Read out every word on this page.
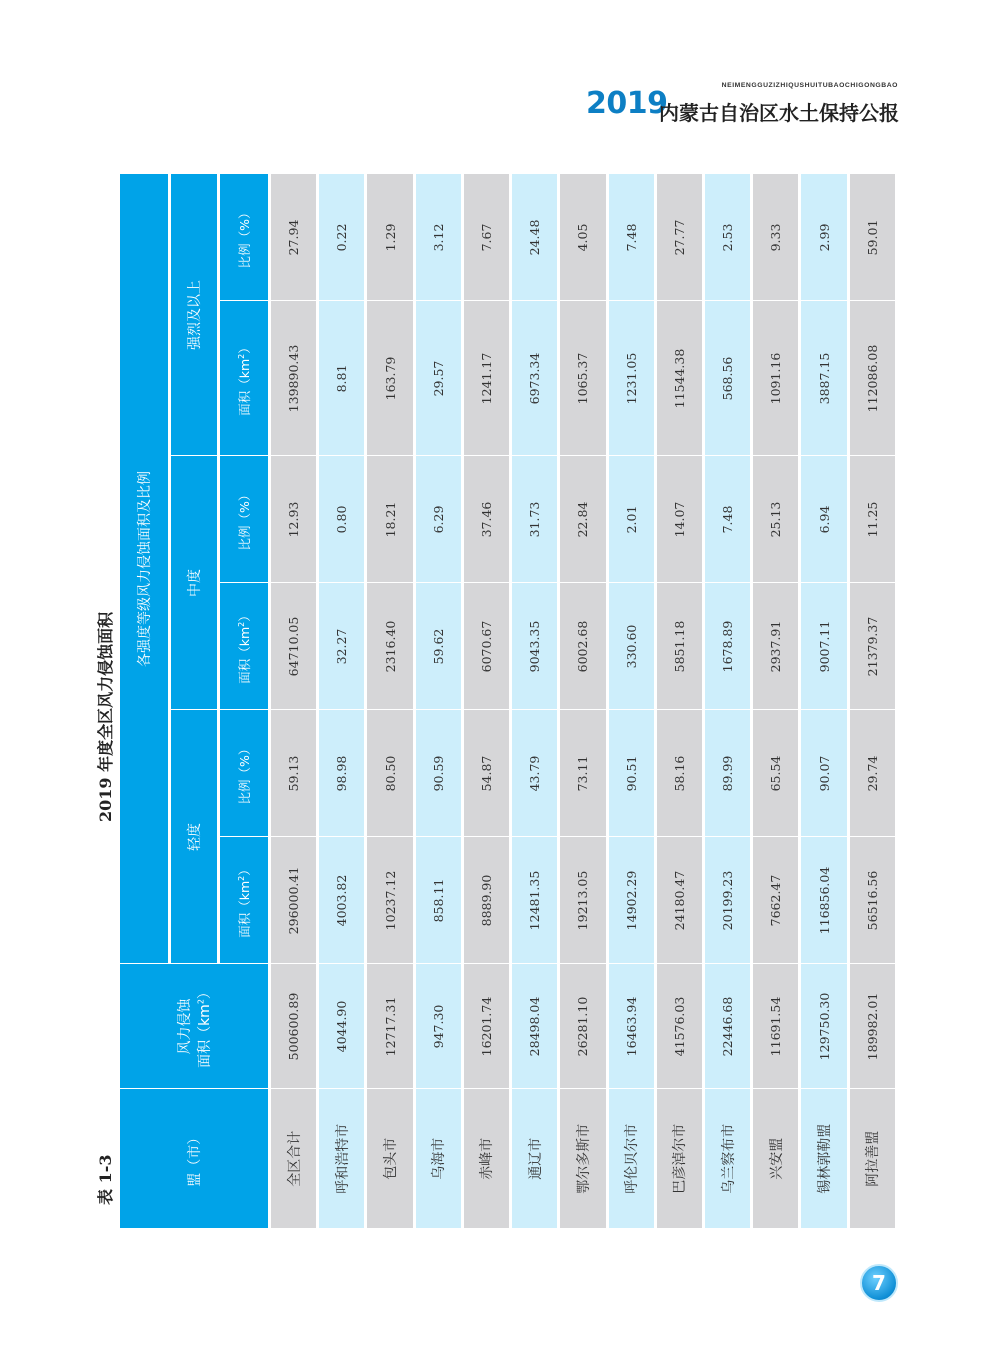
NEIMENGGUZIZHIQUSHUITUBAOCHIGONGBAO
2019
内蒙古自治区水土保持公报
表 1-3
2019 年度全区风力侵蚀面积
盟（市）	风力侵蚀 面积$(km^2)$	各强度等级风力侵蚀面积及比例					
		轻度		中度		强烈及以上	
		面积$(km^2)$	比例（%）	面积$(km^2)$	比例（%）	面积$(km^2)$	比例（%）
全区合计	500600.89	296000.41	59.13	64710.05	12.93	139890.43	27.94
呼和浩特市	4044.90	4003.82	98.98	32.27	0.80	8.81	0.22
包头市	12717.31	10237.12	80.50	2316.40	18.21	163.79	1.29
乌海市	947.30	858.11	90.59	59.62	6.29	29.57	3.12
赤峰市	16201.74	8889.90	54.87	6070.67	37.46	1241.17	7.67
通辽市	28498.04	12481.35	43.79	9043.35	31.73	6973.34	24.48
鄂尔多斯市	26281.10	19213.05	73.11	6002.68	22.84	1065.37	4.05
呼伦贝尔市	16463.94	14902.29	90.51	330.60	2.01	1231.05	7.48
巴彦淖尔市	41576.03	24180.47	58.16	5851.18	14.07	11544.38	27.77
乌兰察布市	22446.68	20199.23	89.99	1678.89	7.48	568.56	2.53
兴安盟	11691.54	7662.47	65.54	2937.91	25.13	1091.16	9.33
锡林郭勒盟	129750.30	116856.04	90.07	9007.11	6.94	3887.15	2.99
阿拉善盟	189982.01	56516.56	29.74	21379.37	11.25	112086.08	59.01
7
